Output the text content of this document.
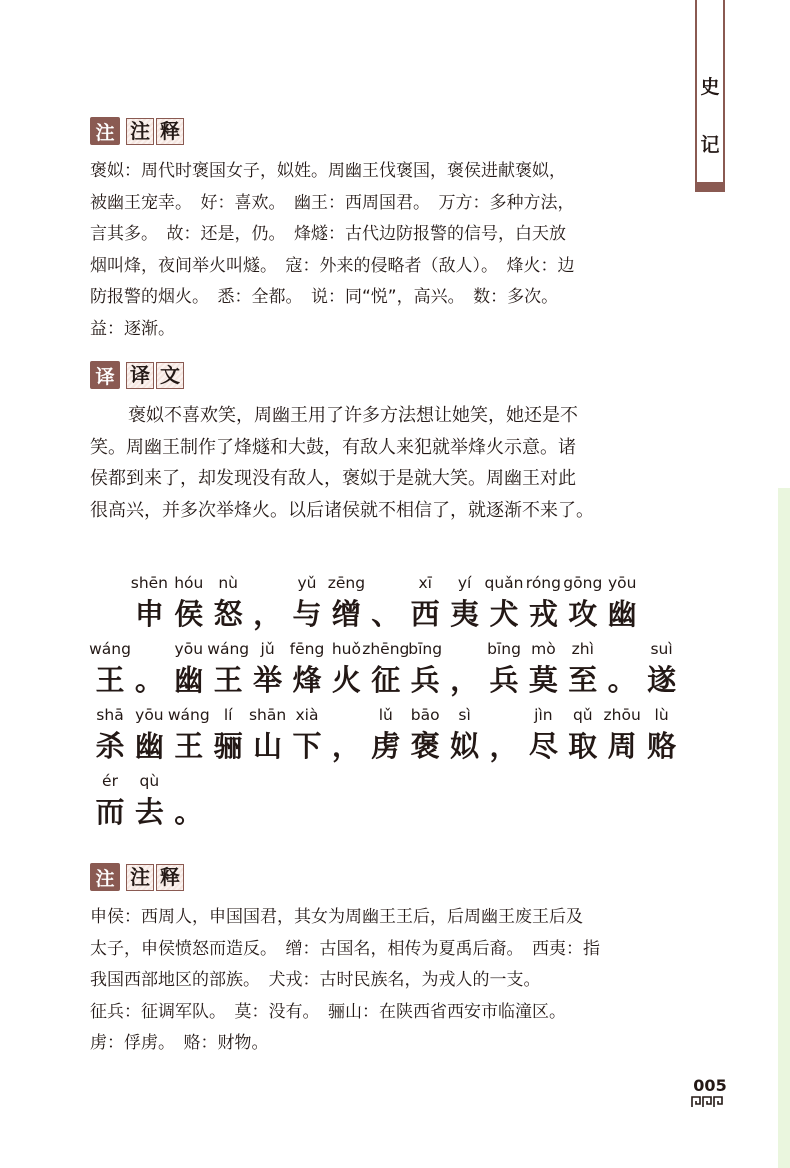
史
记
注 注 释
褒姒：周代时褒国女子，姒姓。周幽王伐褒国，褒侯进献褒姒，
被幽王宠幸。　好：喜欢。　幽王：西周国君。　万方：多种方法，
言其多。　故：还是，仍。　烽燧：古代边防报警的信号，白天放
烟叫烽，夜间举火叫燧。　寇：外来的侵略者（敌人）。　烽火：边
防报警的烟火。　悉：全都。　说：同“悦”，高兴。　数：多次。
益：逐渐。
译 译 文
褒姒不喜欢笑，周幽王用了许多方法想让她笑，她还是不
笑。周幽王制作了烽燧和大鼓，有敌人来犯就举烽火示意。诸
侯都到来了，却发现没有敌人，褒姒于是就大笑。周幽王对此
很高兴，并多次举烽火。以后诸侯就不相信了，就逐渐不来了。
shēn
申
hóu
侯
nù
怒 ，
yǔ
与
zēng
缯 、
xī
西
yí
夷
quǎn
犬
róng
戎
gōng
攻
yōu
幽
wáng
王 。
yōu
幽
wáng
王
jǔ
举
fēng
烽
huǒ
火
zhēng
征
bīng
兵 ，
bīng
兵
mò
莫
zhì
至 。
suì
遂
shā
杀
yōu
幽
wáng
王
lí
骊
shān
山
xià
下 ，
lǔ
虏
bāo
褒
sì
姒 ，
jìn
尽
qǔ
取
zhōu
周
lù
赂
ér
而
qù
去 。
注 注 释
申侯：西周人，申国国君，其女为周幽王王后，后周幽王废王后及
太子，申侯愤怒而造反。　缯：古国名，相传为夏禹后裔。　西夷：指
我国西部地区的部族。　犬戎：古时民族名，为戎人的一支。
征兵：征调军队。　莫：没有。　骊山：在陕西省西安市临潼区。
虏：俘虏。　赂：财物。
005
